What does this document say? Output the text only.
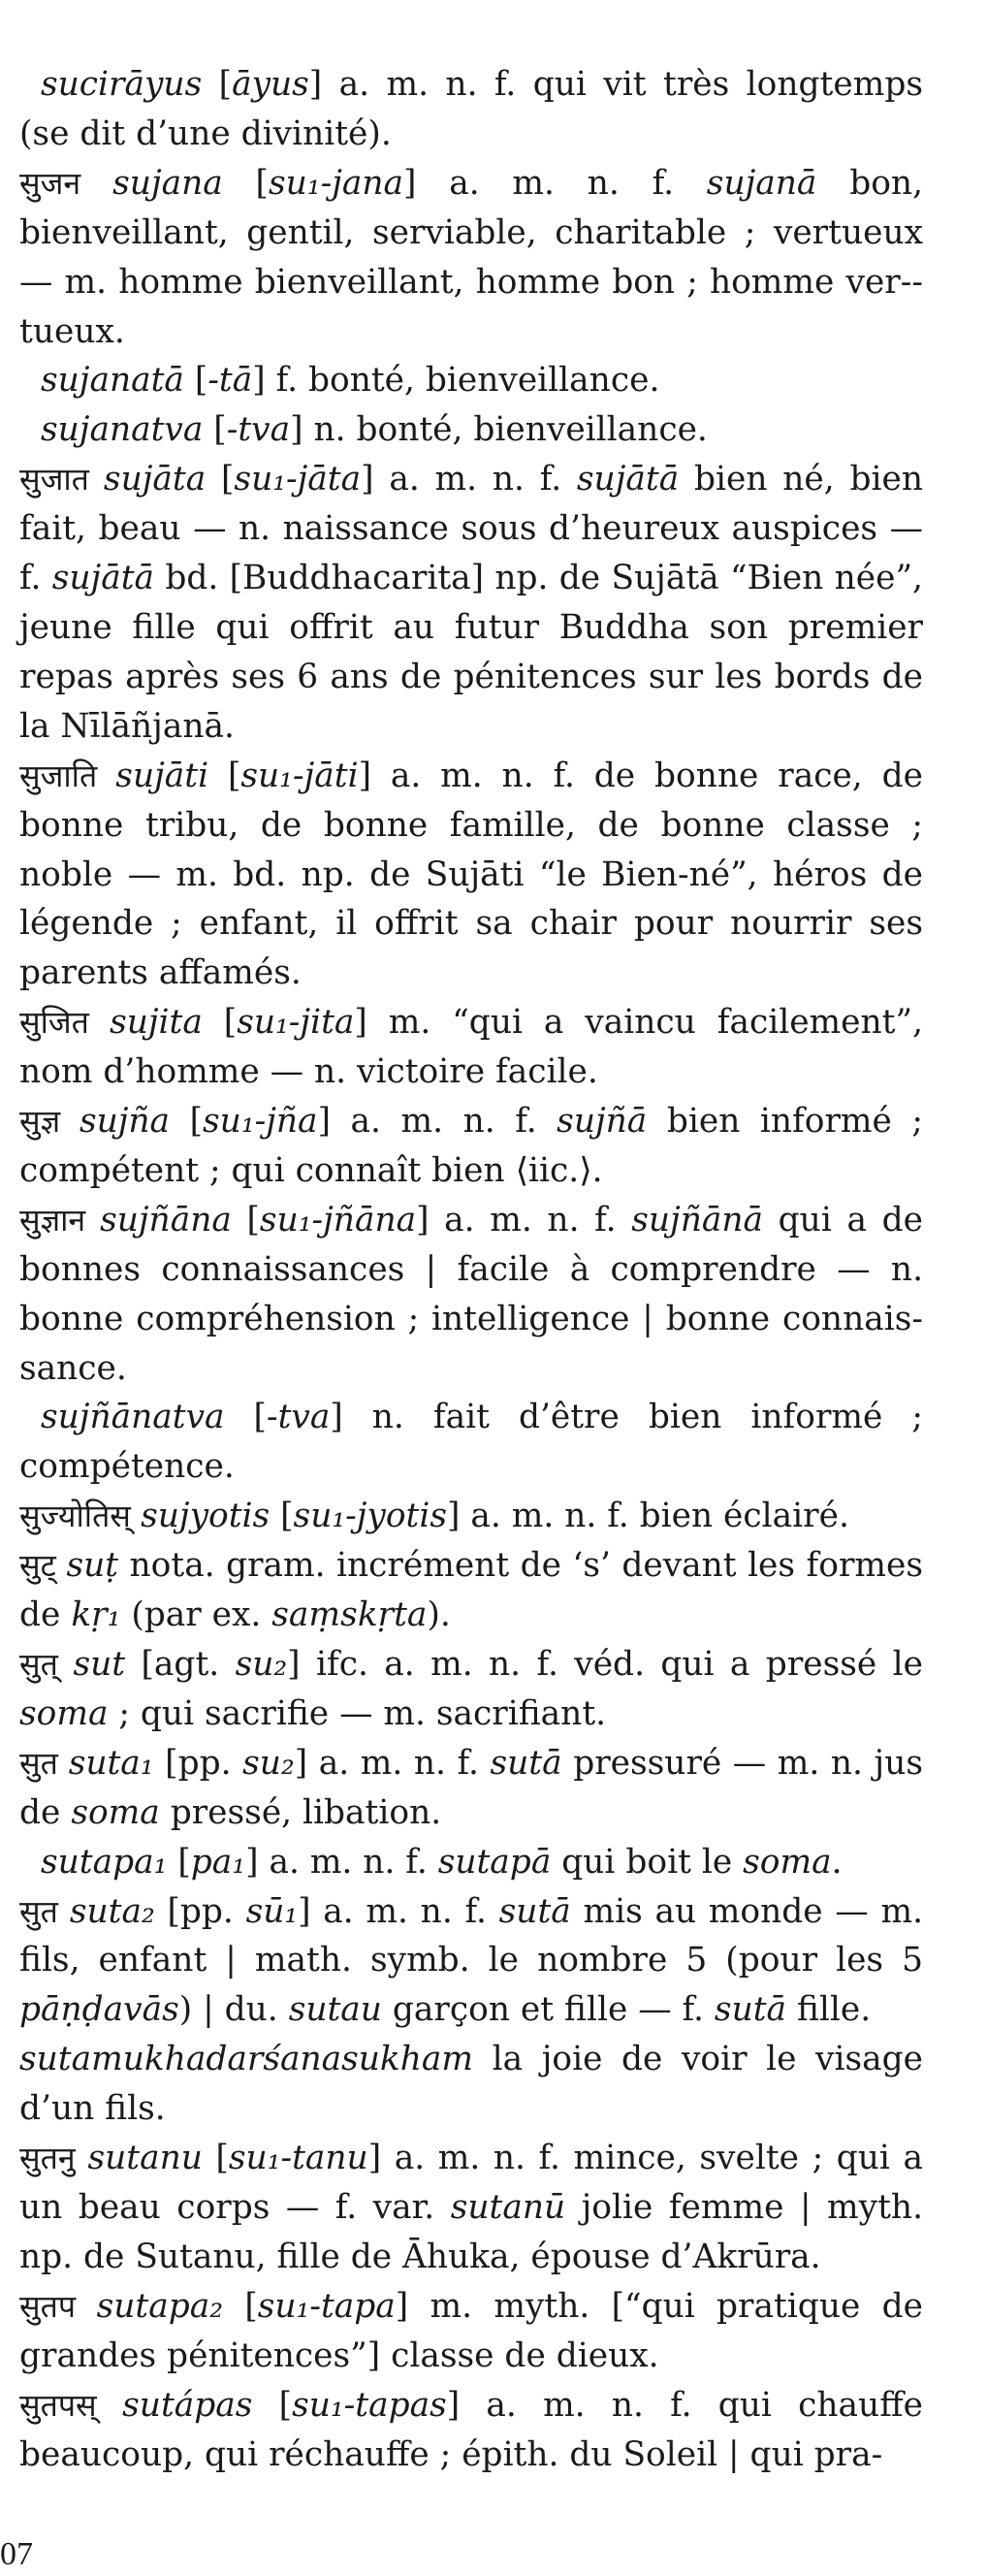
sucirāyus [āyus] a. m. n. f. qui vit très longtemps (se dit d’une divinité).

सुजन sujana [su₁-jana] a. m. n. f. sujanā bon, bienveillant, gentil, serviable, charitable ; vertueux — m. homme bienveillant, homme bon ; homme ver-tueux.

sujanatā [-tā] f. bonté, bienveillance.

sujanatva [-tva] n. bonté, bienveillance.

सुजात sujāta [su₁-jāta] a. m. n. f. sujātā bien né, bien fait, beau — n. naissance sous d’heureux auspices — f. sujātā bd. [Buddhacarita] np. de Sujātā “Bien née”, jeune fille qui offrit au futur Buddha son premier repas après ses 6 ans de pénitences sur les bords de la Nīlāñjanā.

सुजाति sujāti [su₁-jāti] a. m. n. f. de bonne race, de bonne tribu, de bonne famille, de bonne classe ; noble — m. bd. np. de Sujāti “le Bien-né”, héros de légende ; enfant, il offrit sa chair pour nourrir ses parents affamés.

सुजित sujita [su₁-jita] m. “qui a vaincu facilement”, nom d’homme — n. victoire facile.

सुज्ञ sujña [su₁-jña] a. m. n. f. sujñā bien informé ; compétent ; qui connaît bien ⟨iic.⟩.

सुज्ञान sujñāna [su₁-jñāna] a. m. n. f. sujñānā qui a de bonnes connaissances | facile à comprendre — n. bonne compréhension ; intelligence | bonne connaissance.

sujñānatva [-tva] n. fait d’être bien informé ; compétence.

सुज्योतिस् sujyotis [su₁-jyotis] a. m. n. f. bien éclairé.

सुट् suṭ nota. gram. incrément de ‘s’ devant les formes de kṛ₁ (par ex. saṃskṛta).

सुत् sut [agt. su₂] ifc. a. m. n. f. véd. qui a pressé le soma ; qui sacrifie — m. sacrifiant.

सुत suta₁ [pp. su₂] a. m. n. f. sutā pressuré — m. n. jus de soma pressé, libation.

sutapa₁ [pa₁] a. m. n. f. sutapā qui boit le soma.

सुत suta₂ [pp. sū₁] a. m. n. f. sutā mis au monde — m. fils, enfant | math. symb. le nombre 5 (pour les 5 pāṇḍavās) | du. sutau garçon et fille — f. sutā fille.

sutamukhadarśanasukham la joie de voir le visage d’un fils.

सुतनु sutanu [su₁-tanu] a. m. n. f. mince, svelte ; qui a un beau corps — f. var. sutanū jolie femme | myth. np. de Sutanu, fille de Āhuka, épouse d’Akrūra.

सुतप sutapa₂ [su₁-tapa] m. myth. [“qui pratique de grandes pénitences”] classe de dieux.

सुतपस् sutápas [su₁-tapas] a. m. n. f. qui chauffe beaucoup, qui réchauffe ; épith. du Soleil | qui pra-

07
